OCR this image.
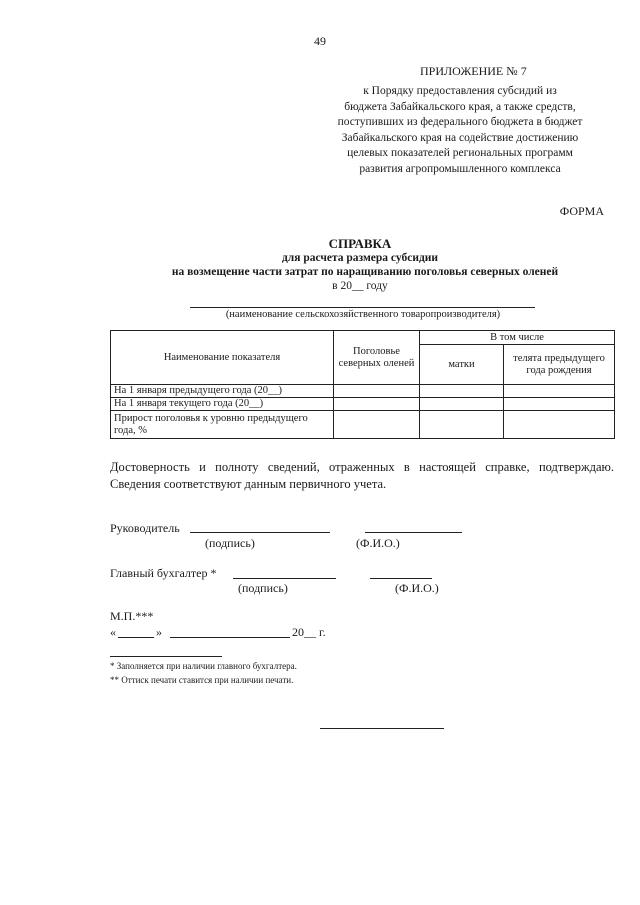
49
ПРИЛОЖЕНИЕ № 7
к Порядку предоставления субсидий из
бюджета Забайкальского края, а также средств,
поступивших из федерального бюджета в бюджет
Забайкальского края на содействие достижению
целевых показателей региональных программ
развития агропромышленного комплекса
ФОРМА
СПРАВКА
для расчета размера субсидии
на возмещение части затрат по наращиванию поголовья северных оленей
в 20__ году
(наименование сельскохозяйственного товаропроизводителя)
Наименование показателя	Поголовье северных оленей	В том числе	
		матки	телята предыдущего года рождения
На 1 января предыдущего года (20__)			
На 1 января текущего года (20__)			
Прирост поголовья к уровню предыдущего года, %			
Достоверность и полноту сведений, отраженных в настоящей справке, подтверждаю. Сведения соответствуют данным первичного учета.
Руководитель
(подпись)	(Ф.И.О.)
Главный бухгалтер *
(подпись)	(Ф.И.О.)
М.П.***
«	»	20__ г.
* Заполняется при наличии главного бухгалтера.
** Оттиск печати ставится при наличии печати.
